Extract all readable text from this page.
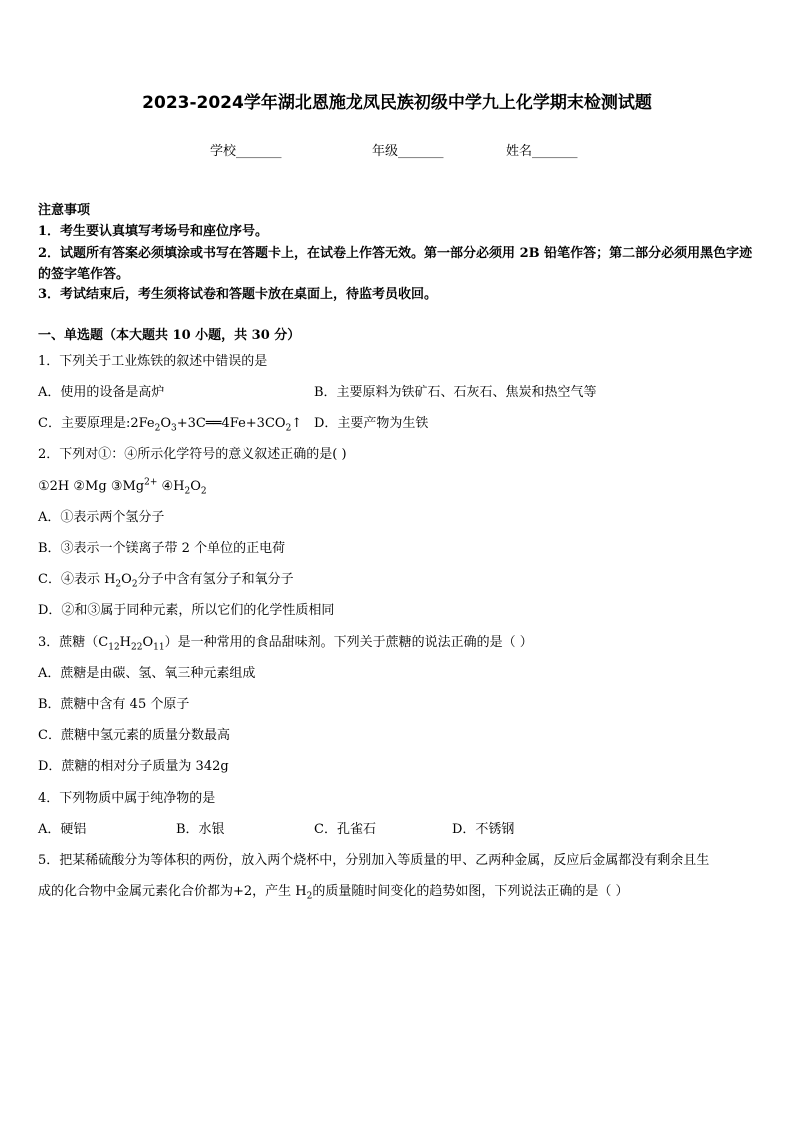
2023-2024学年湖北恩施龙凤民族初级中学九上化学期末检测试题
学校_______	年级_______	姓名_______
注意事项
1．考生要认真填写考场号和座位序号。
2．试题所有答案必须填涂或书写在答题卡上，在试卷上作答无效。第一部分必须用 2B 铅笔作答；第二部分必须用黑色字迹的签字笔作答。
3．考试结束后，考生须将试卷和答题卡放在桌面上，待监考员收回。
一、单选题（本大题共 10 小题，共 30 分）
1．下列关于工业炼铁的叙述中错误的是
A．使用的设备是高炉	B．主要原料为铁矿石、石灰石、焦炭和热空气等
C．主要原理是$:2Fe_2O_3+3C══4Fe+3CO_2↑$ D．主要产物为生铁
2．下列对①：④所示化学符号的意义叙述正确的是( )
①2H ②Mg $③Mg^{2+}$ $④H_2O_2$
A．①表示两个氢分子
B．③表示一个镁离子带 2 个单位的正电荷
C．④表示 $H_2O_2$分子中含有氢分子和氧分子
D．②和③属于同种元素，所以它们的化学性质相同
3．蔗糖$(C_{12}H_{22}O_{11})$是一种常用的食品甜味剂。下列关于蔗糖的说法正确的是（ ）
A．蔗糖是由碳、氢、氧三种元素组成
B．蔗糖中含有 45 个原子
C．蔗糖中氢元素的质量分数最高
D．蔗糖的相对分子质量为 342g
4．下列物质中属于纯净物的是
A．硬铝	B．水银	C．孔雀石	D．不锈钢
5．把某稀硫酸分为等体积的两份，放入两个烧杯中，分别加入等质量的甲、乙两种金属，反应后金属都没有剩余且生
成的化合物中金属元素化合价都为+2，产生 $H_2$的质量随时间变化的趋势如图，下列说法正确的是（ ）
